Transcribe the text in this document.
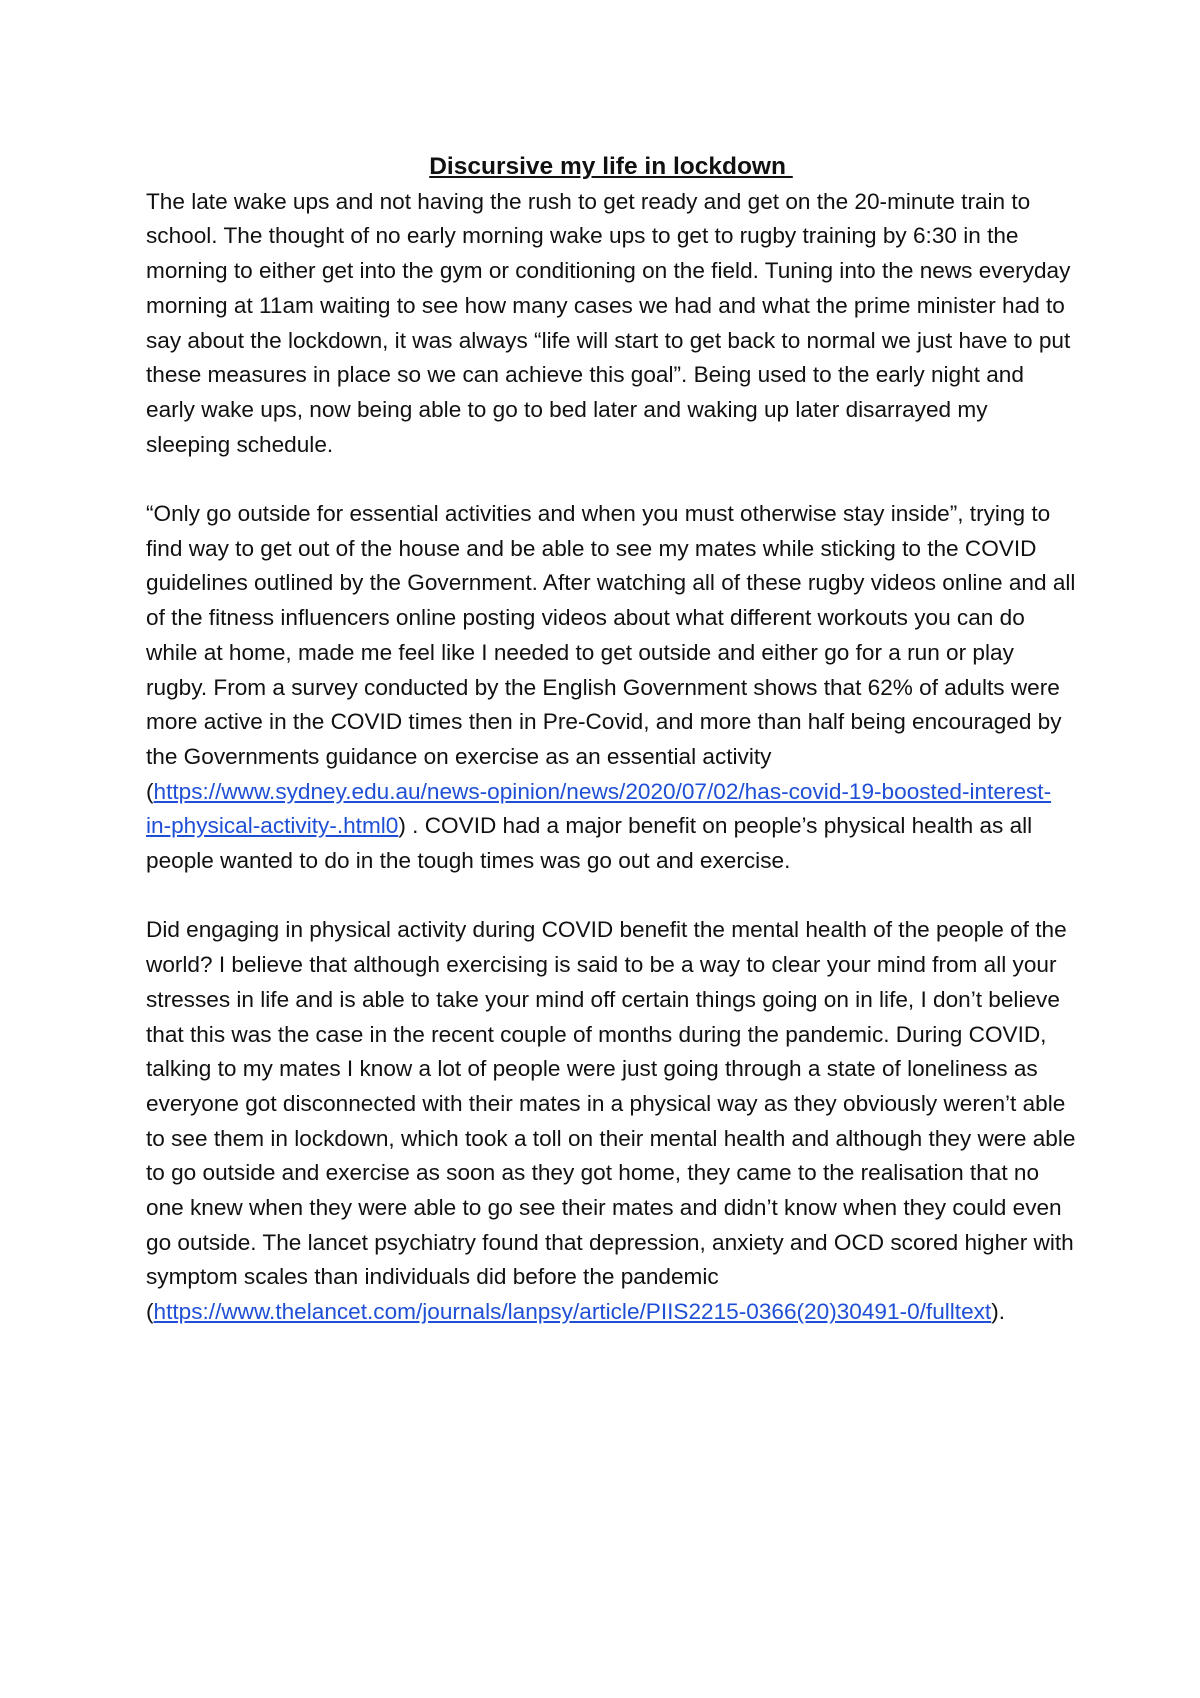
Discursive my life in lockdown

The late wake ups and not having the rush to get ready and get on the 20-minute train to school. The thought of no early morning wake ups to get to rugby training by 6:30 in the morning to either get into the gym or conditioning on the field. Tuning into the news everyday morning at 11am waiting to see how many cases we had and what the prime minister had to say about the lockdown, it was always “life will start to get back to normal we just have to put these measures in place so we can achieve this goal”. Being used to the early night and early wake ups, now being able to go to bed later and waking up later disarrayed my sleeping schedule.

“Only go outside for essential activities and when you must otherwise stay inside”, trying to find way to get out of the house and be able to see my mates while sticking to the COVID guidelines outlined by the Government. After watching all of these rugby videos online and all of the fitness influencers online posting videos about what different workouts you can do while at home, made me feel like I needed to get outside and either go for a run or play rugby. From a survey conducted by the English Government shows that 62% of adults were more active in the COVID times then in Pre-Covid, and more than half being encouraged by the Governments guidance on exercise as an essential activity (https://www.sydney.edu.au/news-opinion/news/2020/07/02/has-covid-19-boosted-interest-in-physical-activity-.html0) . COVID had a major benefit on people’s physical health as all people wanted to do in the tough times was go out and exercise.

Did engaging in physical activity during COVID benefit the mental health of the people of the world? I believe that although exercising is said to be a way to clear your mind from all your stresses in life and is able to take your mind off certain things going on in life, I don’t believe that this was the case in the recent couple of months during the pandemic. During COVID, talking to my mates I know a lot of people were just going through a state of loneliness as everyone got disconnected with their mates in a physical way as they obviously weren’t able to see them in lockdown, which took a toll on their mental health and although they were able to go outside and exercise as soon as they got home, they came to the realisation that no one knew when they were able to go see their mates and didn’t know when they could even go outside. The lancet psychiatry found that depression, anxiety and OCD scored higher with symptom scales than individuals did before the pandemic (https://www.thelancet.com/journals/lanpsy/article/PIIS2215-0366(20)30491-0/fulltext).
